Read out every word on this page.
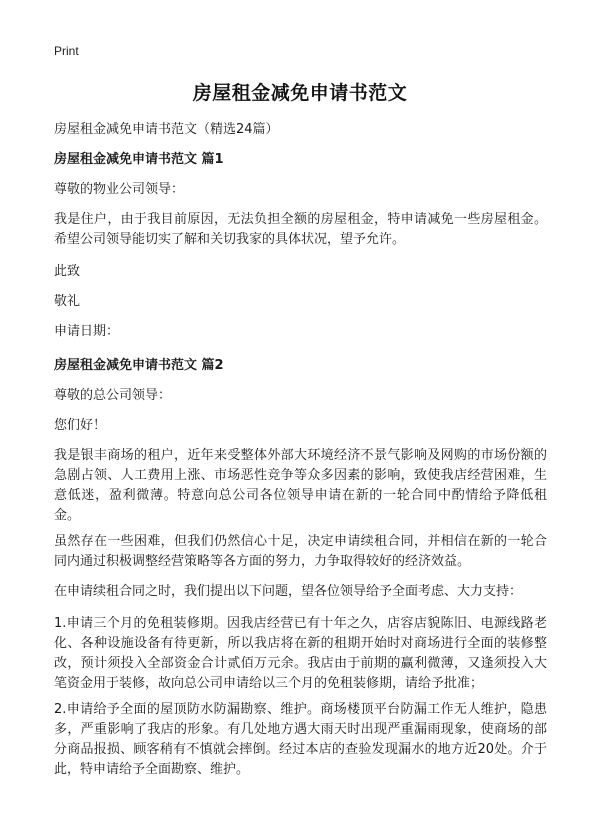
Print
房屋租金减免申请书范文
房屋租金减免申请书范文（精选24篇）
房屋租金减免申请书范文 篇1
尊敬的物业公司领导：
我是住户，由于我目前原因，无法负担全额的房屋租金，特申请减免一些房屋租金。希望公司领导能切实了解和关切我家的具体状况，望予允许。
此致
敬礼
申请日期：
房屋租金减免申请书范文 篇2
尊敬的总公司领导：
您们好！
我是银丰商场的租户，近年来受整体外部大环境经济不景气影响及网购的市场份额的急剧占领、人工费用上涨、市场恶性竞争等众多因素的影响，致使我店经营困难，生意低迷，盈利微薄。特意向总公司各位领导申请在新的一轮合同中酌情给予降低租金。
虽然存在一些困难，但我们仍然信心十足，决定申请续租合同，并相信在新的一轮合同内通过积极调整经营策略等各方面的努力，力争取得较好的经济效益。
在申请续租合同之时，我们提出以下问题，望各位领导给予全面考虑、大力支持：
1.申请三个月的免租装修期。因我店经营已有十年之久，店容店貌陈旧、电源线路老化、各种设施设备有待更新，所以我店将在新的租期开始时对商场进行全面的装修整改，预计须投入全部资金合计贰佰万元余。我店由于前期的赢利微薄，又逢须投入大笔资金用于装修，故向总公司申请给以三个月的免租装修期，请给予批准；
2.申请给予全面的屋顶防水防漏勘察、维护。商场楼顶平台防漏工作无人维护，隐患多，严重影响了我店的形象。有几处地方遇大雨天时出现严重漏雨现象，使商场的部分商品报损、顾客稍有不慎就会摔倒。经过本店的查验发现漏水的地方近20处。介于此，特申请给予全面勘察、维护。
